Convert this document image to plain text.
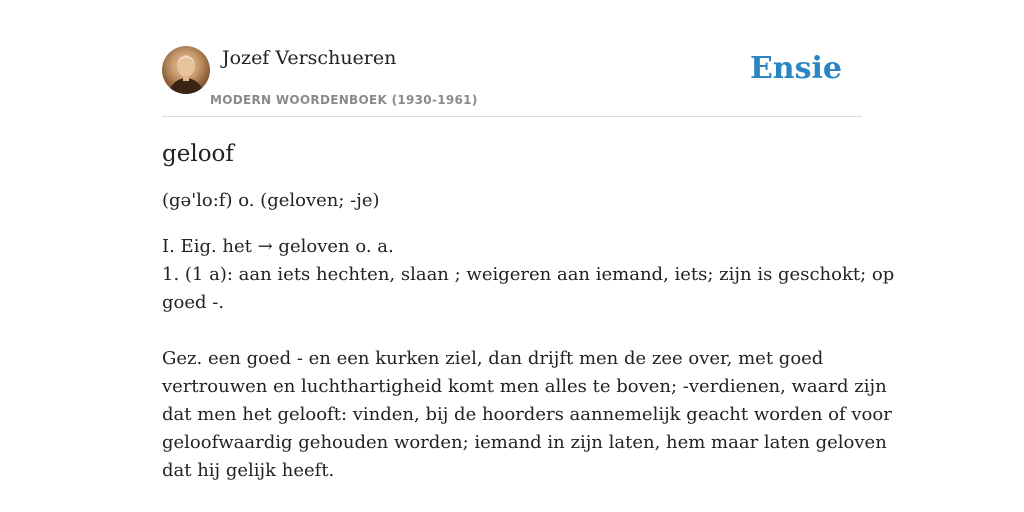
Jozef Verschueren
MODERN WOORDENBOEK (1930-1961)
Ensie
geloof

(gə'lo:f) o. (geloven; -je)

I. Eig. het → geloven o. a.

1. (1 a): aan iets hechten, slaan ; weigeren aan iemand, iets; zijn is geschokt; op

goed -.

Gez. een goed - en een kurken ziel, dan drijft men de zee over, met goed

vertrouwen en luchthartigheid komt men alles te boven; -verdienen, waard zijn

dat men het gelooft: vinden, bij de hoorders aannemelijk geacht worden of voor

geloofwaardig gehouden worden; iemand in zijn laten, hem maar laten geloven

dat hij gelijk heeft.
